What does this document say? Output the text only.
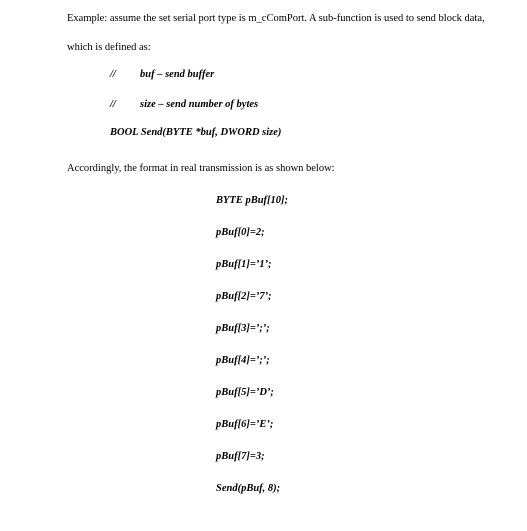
Example: assume the set serial port type is m_cComPort. A sub-function is used to send block data,
which is defined as:
// buf – send buffer
// size – send number of bytes
BOOL Send(BYTE *buf, DWORD size)
Accordingly, the format in real transmission is as shown below:
BYTE pBuf[10];
pBuf[0]=2;
pBuf[1]=’1’;
pBuf[2]=’7’;
pBuf[3]=’;’;
pBuf[4]=’;’;
pBuf[5]=’D’;
pBuf[6]=’E’;
pBuf[7]=3;
Send(pBuf, 8);
